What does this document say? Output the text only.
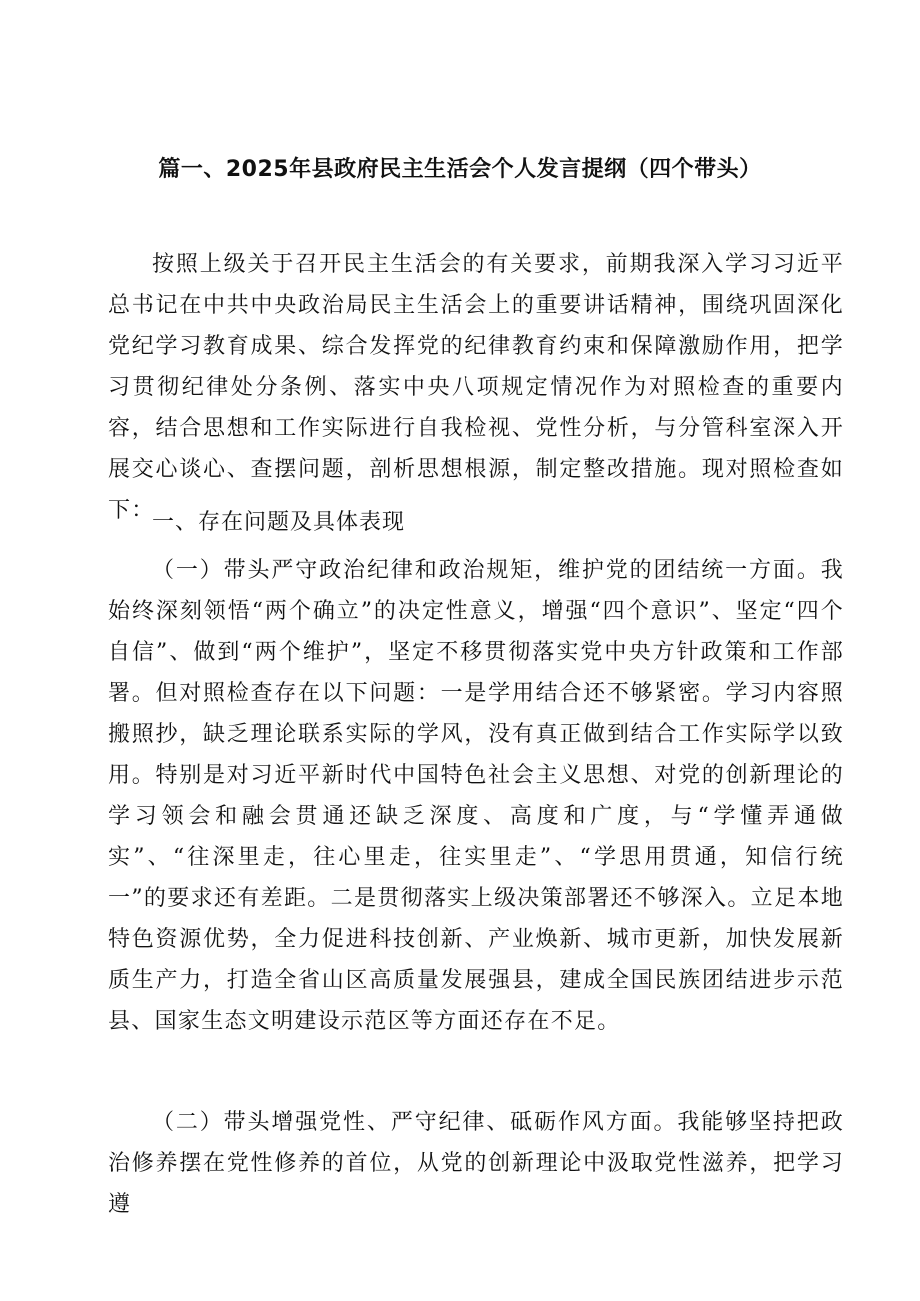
篇一、2025年县政府民主生活会个人发言提纲（四个带头）

按照上级关于召开民主生活会的有关要求，前期我深入学习习近平总书记在中共中央政治局民主生活会上的重要讲话精神，围绕巩固深化党纪学习教育成果、综合发挥党的纪律教育约束和保障激励作用，把学习贯彻纪律处分条例、落实中央八项规定情况作为对照检查的重要内容，结合思想和工作实际进行自我检视、党性分析，与分管科室深入开展交心谈心、查摆问题，剖析思想根源，制定整改措施。现对照检查如下：

一、存在问题及具体表现

（一）带头严守政治纪律和政治规矩，维护党的团结统一方面。我始终深刻领悟“两个确立”的决定性意义，增强“四个意识”、坚定“四个自信”、做到“两个维护”，坚定不移贯彻落实党中央方针政策和工作部署。但对照检查存在以下问题：一是学用结合还不够紧密。学习内容照搬照抄，缺乏理论联系实际的学风，没有真正做到结合工作实际学以致用。特别是对习近平新时代中国特色社会主义思想、对党的创新理论的学习领会和融会贯通还缺乏深度、高度和广度，与“学懂弄通做实”、“往深里走，往心里走，往实里走”、“学思用贯通，知信行统一”的要求还有差距。二是贯彻落实上级决策部署还不够深入。立足本地特色资源优势，全力促进科技创新、产业焕新、城市更新，加快发展新质生产力，打造全省山区高质量发展强县，建成全国民族团结进步示范县、国家生态文明建设示范区等方面还存在不足。

（二）带头增强党性、严守纪律、砥砺作风方面。我能够坚持把政治修养摆在党性修养的首位，从党的创新理论中汲取党性滋养，把学习遵
